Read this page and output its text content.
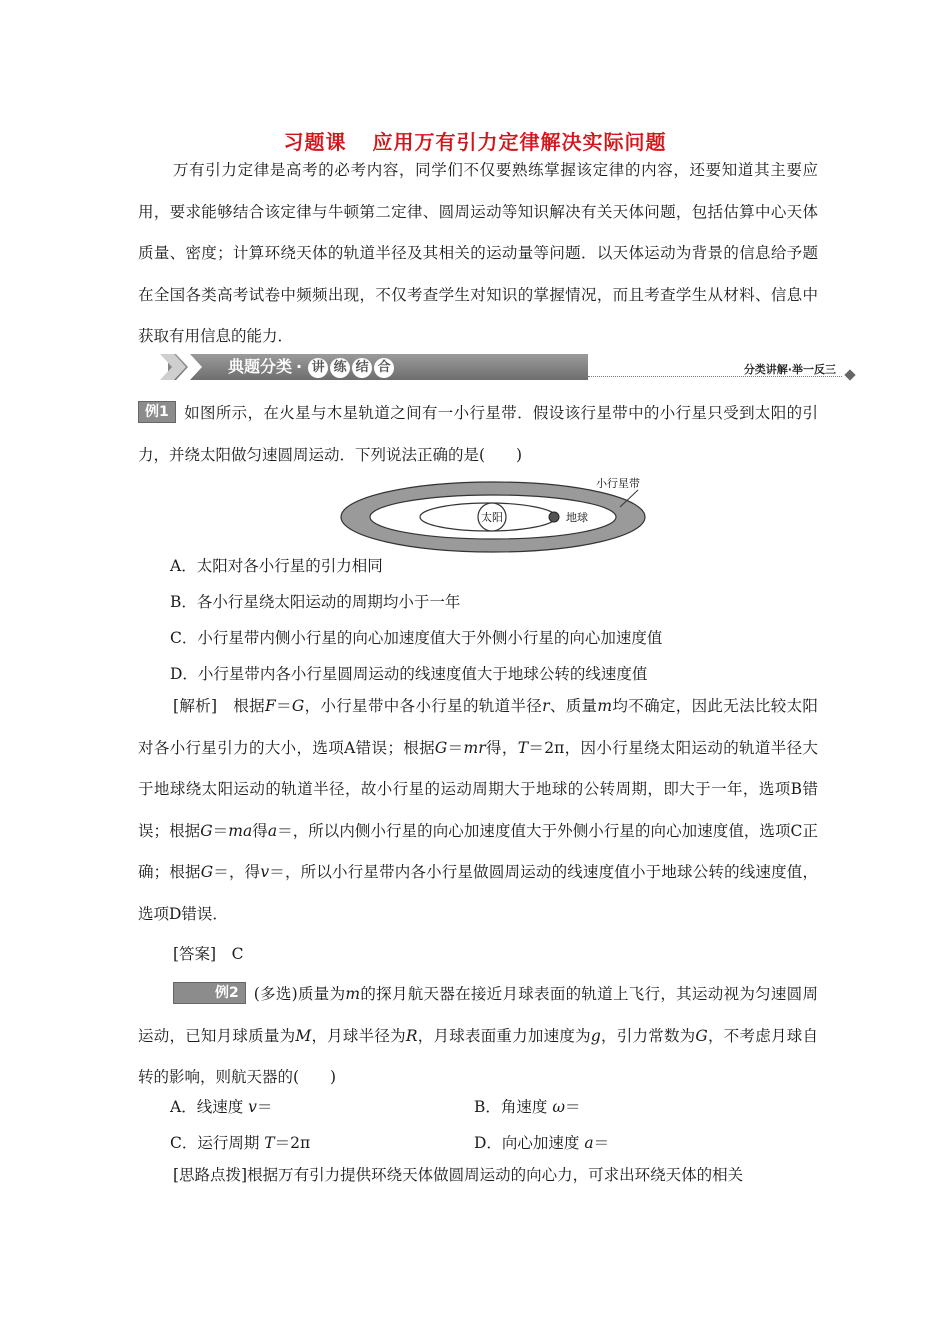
习题课 应用万有引力定律解决实际问题

万有引力定律是高考的必考内容，同学们不仅要熟练掌握该定律的内容，还要知道其主要应用，要求能够结合该定律与牛顿第二定律、圆周运动等知识解决有关天体问题，包括估算中心天体质量、密度；计算环绕天体的轨道半径及其相关的运动量等问题．以天体运动为背景的信息给予题在全国各类高考试卷中频频出现，不仅考查学生对知识的掌握情况，而且考查学生从材料、信息中获取有用信息的能力．

典题分类 · 讲 练 结 合	分类讲解·举一反三

例1 如图所示，在火星与木星轨道之间有一小行星带．假设该行星带中的小行星只受到太阳的引力，并绕太阳做匀速圆周运动．下列说法正确的是(　　)

太阳	地球
小行星带
A．太阳对各小行星的引力相同
B．各小行星绕太阳运动的周期均小于一年
C．小行星带内侧小行星的向心加速度值大于外侧小行星的向心加速度值
D．小行星带内各小行星圆周运动的线速度值大于地球公转的线速度值

[解析]　 根据F＝G，小行星带中各小行星的轨道半径r、质量m均不确定，因此无法比较太阳对各小行星引力的大小，选项A错误；根据G＝mr得，T＝2π，因小行星绕太阳运动的轨道半径大于地球绕太阳运动的轨道半径，故小行星的运动周期大于地球的公转周期，即大于一年，选项B错误；根据G＝ma得a＝，所以内侧小行星的向心加速度值大于外侧小行星的向心加速度值，选项C正确；根据G＝，得v＝，所以小行星带内各小行星做圆周运动的线速度值小于地球公转的线速度值，选项D错误．

[答案]　 C

例2 (多选)质量为m的探月航天器在接近月球表面的轨道上飞行，其运动视为匀速圆周运动，已知月球质量为M，月球半径为R，月球表面重力加速度为g，引力常数为G，不考虑月球自转的影响，则航天器的(　　)

A．线速度 v＝	B．角速度 ω＝
C．运行周期 T＝2π	D．向心加速度 a＝

[思路点拨]根据万有引力提供环绕天体做圆周运动的向心力，可求出环绕天体的相关
